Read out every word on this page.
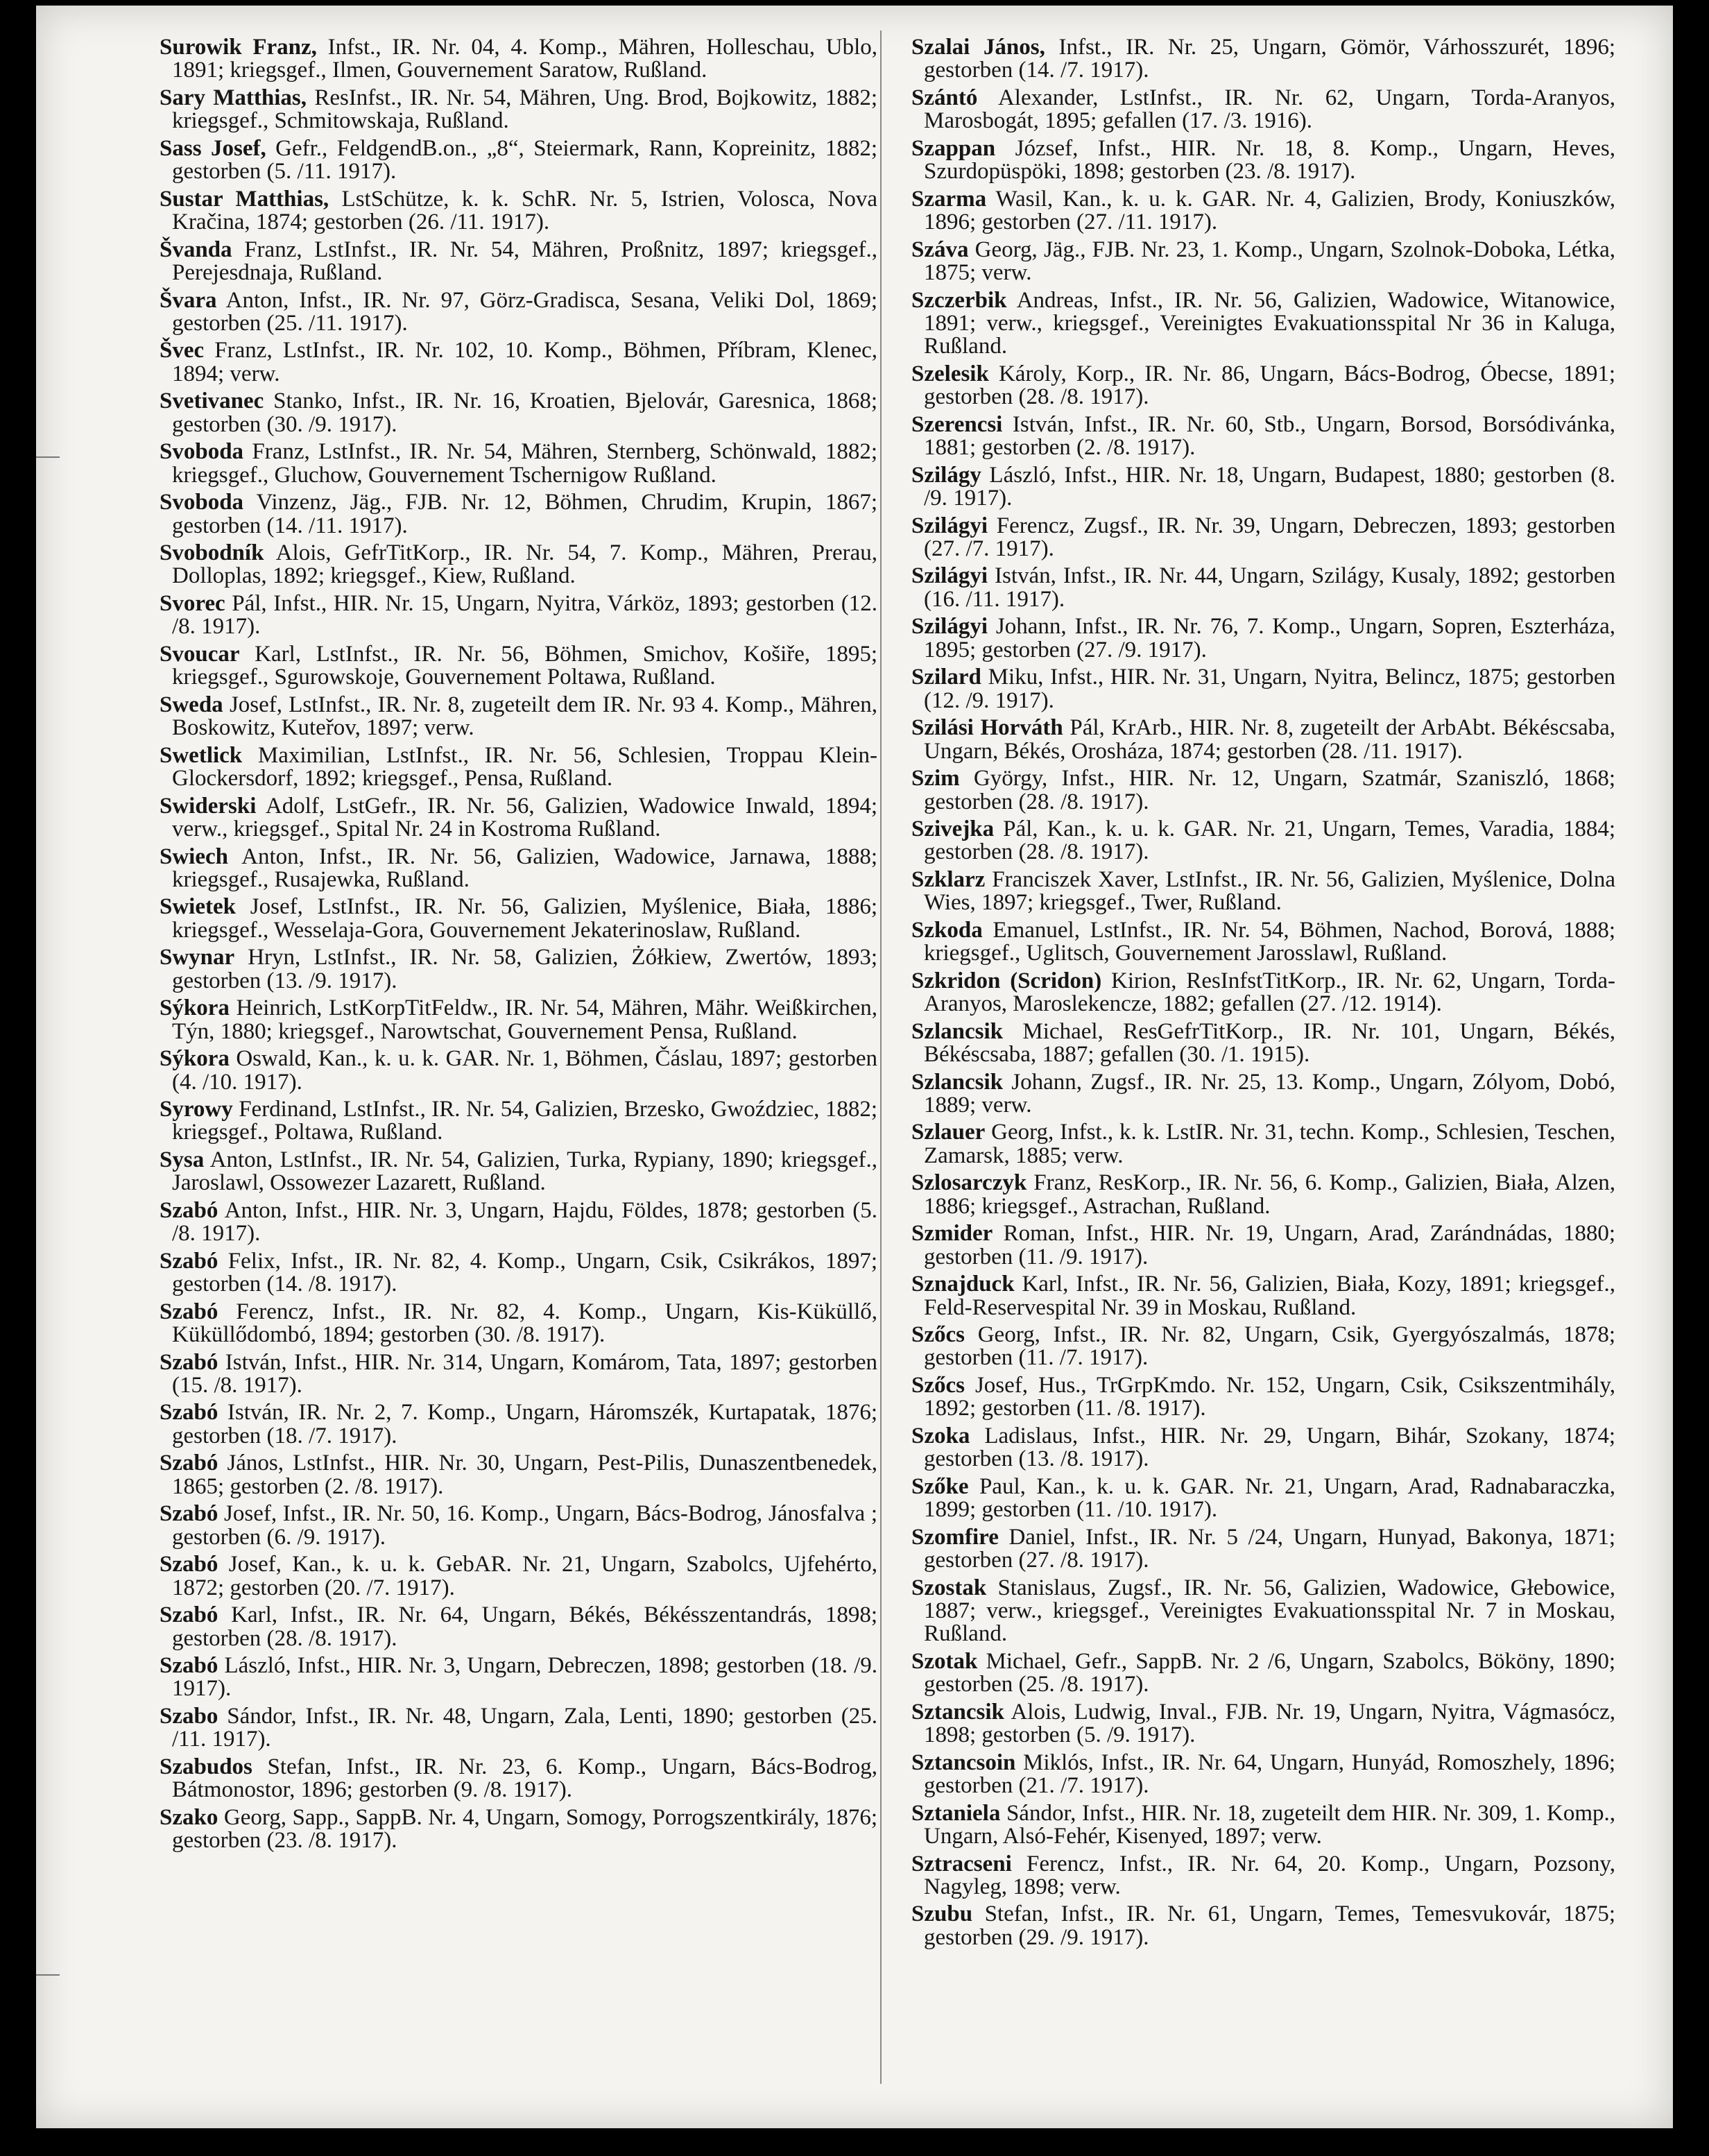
Surowik Franz, Infst., IR. Nr. 04, 4. Komp., Mähren, Holleschau, Ublo, 1891; kriegsgef., Ilmen, Gouvernement Saratow, Rußland.

Sary Matthias, ResInfst., IR. Nr. 54, Mähren, Ung. Brod, Bojkowitz, 1882; kriegsgef., Schmitowskaja, Rußland.

Sass Josef, Gefr., FeldgendB.on., „8“, Steiermark, Rann, Kopreinitz, 1882; gestorben (5. /11. 1917).

Sustar Matthias, LstSchütze, k. k. SchR. Nr. 5, Istrien, Volosca, Nova Kračina, 1874; gestorben (26. /11. 1917).

Švanda Franz, LstInfst., IR. Nr. 54, Mähren, Proßnitz, 1897; kriegsgef., Perejesdnaja, Rußland.

Švara Anton, Infst., IR. Nr. 97, Görz-Gradisca, Sesana, Veliki Dol, 1869; gestorben (25. /11. 1917).

Švec Franz, LstInfst., IR. Nr. 102, 10. Komp., Böhmen, Příbram, Klenec, 1894; verw.

Svetivanec Stanko, Infst., IR. Nr. 16, Kroatien, Bjelovár, Garesnica, 1868; gestorben (30. /9. 1917).

Svoboda Franz, LstInfst., IR. Nr. 54, Mähren, Sternberg, Schönwald, 1882; kriegsgef., Gluchow, Gouvernement Tschernigow Rußland.

Svoboda Vinzenz, Jäg., FJB. Nr. 12, Böhmen, Chrudim, Krupin, 1867; gestorben (14. /11. 1917).

Svobodník Alois, GefrTitKorp., IR. Nr. 54, 7. Komp., Mähren, Prerau, Dolloplas, 1892; kriegsgef., Kiew, Rußland.

Svorec Pál, Infst., HIR. Nr. 15, Ungarn, Nyitra, Várköz, 1893; gestorben (12. /8. 1917).

Svoucar Karl, LstInfst., IR. Nr. 56, Böhmen, Smichov, Košiře, 1895; kriegsgef., Sgurowskoje, Gouvernement Poltawa, Rußland.

Sweda Josef, LstInfst., IR. Nr. 8, zugeteilt dem IR. Nr. 93 4. Komp., Mähren, Boskowitz, Kuteřov, 1897; verw.

Swetlick Maximilian, LstInfst., IR. Nr. 56, Schlesien, Troppau Klein-Glockersdorf, 1892; kriegsgef., Pensa, Rußland.

Swiderski Adolf, LstGefr., IR. Nr. 56, Galizien, Wadowice Inwald, 1894; verw., kriegsgef., Spital Nr. 24 in Kostroma Rußland.

Swiech Anton, Infst., IR. Nr. 56, Galizien, Wadowice, Jarnawa, 1888; kriegsgef., Rusajewka, Rußland.

Swietek Josef, LstInfst., IR. Nr. 56, Galizien, Myślenice, Biała, 1886; kriegsgef., Wesselaja-Gora, Gouvernement Jekaterinoslaw, Rußland.

Swynar Hryn, LstInfst., IR. Nr. 58, Galizien, Żółkiew, Zwertów, 1893; gestorben (13. /9. 1917).

Sýkora Heinrich, LstKorpTitFeldw., IR. Nr. 54, Mähren, Mähr. Weißkirchen, Týn, 1880; kriegsgef., Narowtschat, Gouvernement Pensa, Rußland.

Sýkora Oswald, Kan., k. u. k. GAR. Nr. 1, Böhmen, Čáslau, 1897; gestorben (4. /10. 1917).

Syrowy Ferdinand, LstInfst., IR. Nr. 54, Galizien, Brzesko, Gwoździec, 1882; kriegsgef., Poltawa, Rußland.

Sysa Anton, LstInfst., IR. Nr. 54, Galizien, Turka, Rypiany, 1890; kriegsgef., Jaroslawl, Ossowezer Lazarett, Rußland.

Szabó Anton, Infst., HIR. Nr. 3, Ungarn, Hajdu, Földes, 1878; gestorben (5. /8. 1917).

Szabó Felix, Infst., IR. Nr. 82, 4. Komp., Ungarn, Csik, Csikrákos, 1897; gestorben (14. /8. 1917).

Szabó Ferencz, Infst., IR. Nr. 82, 4. Komp., Ungarn, Kis-Küküllő, Küküllődombó, 1894; gestorben (30. /8. 1917).

Szabó István, Infst., HIR. Nr. 314, Ungarn, Komárom, Tata, 1897; gestorben (15. /8. 1917).

Szabó István, IR. Nr. 2, 7. Komp., Ungarn, Háromszék, Kurtapatak, 1876; gestorben (18. /7. 1917).

Szabó János, LstInfst., HIR. Nr. 30, Ungarn, Pest-Pilis, Dunaszentbenedek, 1865; gestorben (2. /8. 1917).

Szabó Josef, Infst., IR. Nr. 50, 16. Komp., Ungarn, Bács-Bodrog, Jánosfalva ; gestorben (6. /9. 1917).

Szabó Josef, Kan., k. u. k. GebAR. Nr. 21, Ungarn, Szabolcs, Ujfehérto, 1872; gestorben (20. /7. 1917).

Szabó Karl, Infst., IR. Nr. 64, Ungarn, Békés, Békésszentandrás, 1898; gestorben (28. /8. 1917).

Szabó László, Infst., HIR. Nr. 3, Ungarn, Debreczen, 1898; gestorben (18. /9. 1917).

Szabo Sándor, Infst., IR. Nr. 48, Ungarn, Zala, Lenti, 1890; gestorben (25. /11. 1917).

Szabudos Stefan, Infst., IR. Nr. 23, 6. Komp., Ungarn, Bács-Bodrog, Bátmonostor, 1896; gestorben (9. /8. 1917).

Szako Georg, Sapp., SappB. Nr. 4, Ungarn, Somogy, Porrogszentkirály, 1876; gestorben (23. /8. 1917).

Szalai János, Infst., IR. Nr. 25, Ungarn, Gömör, Várhosszurét, 1896; gestorben (14. /7. 1917).

Szántó Alexander, LstInfst., IR. Nr. 62, Ungarn, Torda-Aranyos, Marosbogát, 1895; gefallen (17. /3. 1916).

Szappan József, Infst., HIR. Nr. 18, 8. Komp., Ungarn, Heves, Szurdopüspöki, 1898; gestorben (23. /8. 1917).

Szarma Wasil, Kan., k. u. k. GAR. Nr. 4, Galizien, Brody, Koniuszków, 1896; gestorben (27. /11. 1917).

Száva Georg, Jäg., FJB. Nr. 23, 1. Komp., Ungarn, Szolnok-Doboka, Létka, 1875; verw.

Szczerbik Andreas, Infst., IR. Nr. 56, Galizien, Wadowice, Witanowice, 1891; verw., kriegsgef., Vereinigtes Evakuationsspital Nr 36 in Kaluga, Rußland.

Szelesik Károly, Korp., IR. Nr. 86, Ungarn, Bács-Bodrog, Óbecse, 1891; gestorben (28. /8. 1917).

Szerencsi István, Infst., IR. Nr. 60, Stb., Ungarn, Borsod, Borsódivánka, 1881; gestorben (2. /8. 1917).

Szilágy László, Infst., HIR. Nr. 18, Ungarn, Budapest, 1880; gestorben (8. /9. 1917).

Szilágyi Ferencz, Zugsf., IR. Nr. 39, Ungarn, Debreczen, 1893; gestorben (27. /7. 1917).

Szilágyi István, Infst., IR. Nr. 44, Ungarn, Szilágy, Kusaly, 1892; gestorben (16. /11. 1917).

Szilágyi Johann, Infst., IR. Nr. 76, 7. Komp., Ungarn, Sopren, Eszterháza, 1895; gestorben (27. /9. 1917).

Szilard Miku, Infst., HIR. Nr. 31, Ungarn, Nyitra, Belincz, 1875; gestorben (12. /9. 1917).

Szilási Horváth Pál, KrArb., HIR. Nr. 8, zugeteilt der ArbAbt. Békéscsaba, Ungarn, Békés, Orosháza, 1874; gestorben (28. /11. 1917).

Szim György, Infst., HIR. Nr. 12, Ungarn, Szatmár, Szaniszló, 1868; gestorben (28. /8. 1917).

Szivejka Pál, Kan., k. u. k. GAR. Nr. 21, Ungarn, Temes, Varadia, 1884; gestorben (28. /8. 1917).

Szklarz Franciszek Xaver, LstInfst., IR. Nr. 56, Galizien, Myślenice, Dolna Wies, 1897; kriegsgef., Twer, Rußland.

Szkoda Emanuel, LstInfst., IR. Nr. 54, Böhmen, Nachod, Borová, 1888; kriegsgef., Uglitsch, Gouvernement Jarosslawl, Rußland.

Szkridon (Scridon) Kirion, ResInfstTitKorp., IR. Nr. 62, Ungarn, Torda-Aranyos, Maroslekencze, 1882; gefallen (27. /12. 1914).

Szlancsik Michael, ResGefrTitKorp., IR. Nr. 101, Ungarn, Békés, Békéscsaba, 1887; gefallen (30. /1. 1915).

Szlancsik Johann, Zugsf., IR. Nr. 25, 13. Komp., Ungarn, Zólyom, Dobó, 1889; verw.

Szlauer Georg, Infst., k. k. LstIR. Nr. 31, techn. Komp., Schlesien, Teschen, Zamarsk, 1885; verw.

Szlosarczyk Franz, ResKorp., IR. Nr. 56, 6. Komp., Galizien, Biała, Alzen, 1886; kriegsgef., Astrachan, Rußland.

Szmider Roman, Infst., HIR. Nr. 19, Ungarn, Arad, Zarándnádas, 1880; gestorben (11. /9. 1917).

Sznajduck Karl, Infst., IR. Nr. 56, Galizien, Biała, Kozy, 1891; kriegsgef., Feld-Reservespital Nr. 39 in Moskau, Rußland.

Szőcs Georg, Infst., IR. Nr. 82, Ungarn, Csik, Gyergyószalmás, 1878; gestorben (11. /7. 1917).

Szőcs Josef, Hus., TrGrpKmdo. Nr. 152, Ungarn, Csik, Csikszentmihály, 1892; gestorben (11. /8. 1917).

Szoka Ladislaus, Infst., HIR. Nr. 29, Ungarn, Bihár, Szokany, 1874; gestorben (13. /8. 1917).

Szőke Paul, Kan., k. u. k. GAR. Nr. 21, Ungarn, Arad, Radnabaraczka, 1899; gestorben (11. /10. 1917).

Szomfire Daniel, Infst., IR. Nr. 5 /24, Ungarn, Hunyad, Bakonya, 1871; gestorben (27. /8. 1917).

Szostak Stanislaus, Zugsf., IR. Nr. 56, Galizien, Wadowice, Głebowice, 1887; verw., kriegsgef., Vereinigtes Evakuationsspital Nr. 7 in Moskau, Rußland.

Szotak Michael, Gefr., SappB. Nr. 2 /6, Ungarn, Szabolcs, Bököny, 1890; gestorben (25. /8. 1917).

Sztancsik Alois, Ludwig, Inval., FJB. Nr. 19, Ungarn, Nyitra, Vágmasócz, 1898; gestorben (5. /9. 1917).

Sztancsoin Miklós, Infst., IR. Nr. 64, Ungarn, Hunyád, Romoszhely, 1896; gestorben (21. /7. 1917).

Sztaniela Sándor, Infst., HIR. Nr. 18, zugeteilt dem HIR. Nr. 309, 1. Komp., Ungarn, Alsó-Fehér, Kisenyed, 1897; verw.

Sztracseni Ferencz, Infst., IR. Nr. 64, 20. Komp., Ungarn, Pozsony, Nagyleg, 1898; verw.

Szubu Stefan, Infst., IR. Nr. 61, Ungarn, Temes, Temesvukovár, 1875; gestorben (29. /9. 1917).
